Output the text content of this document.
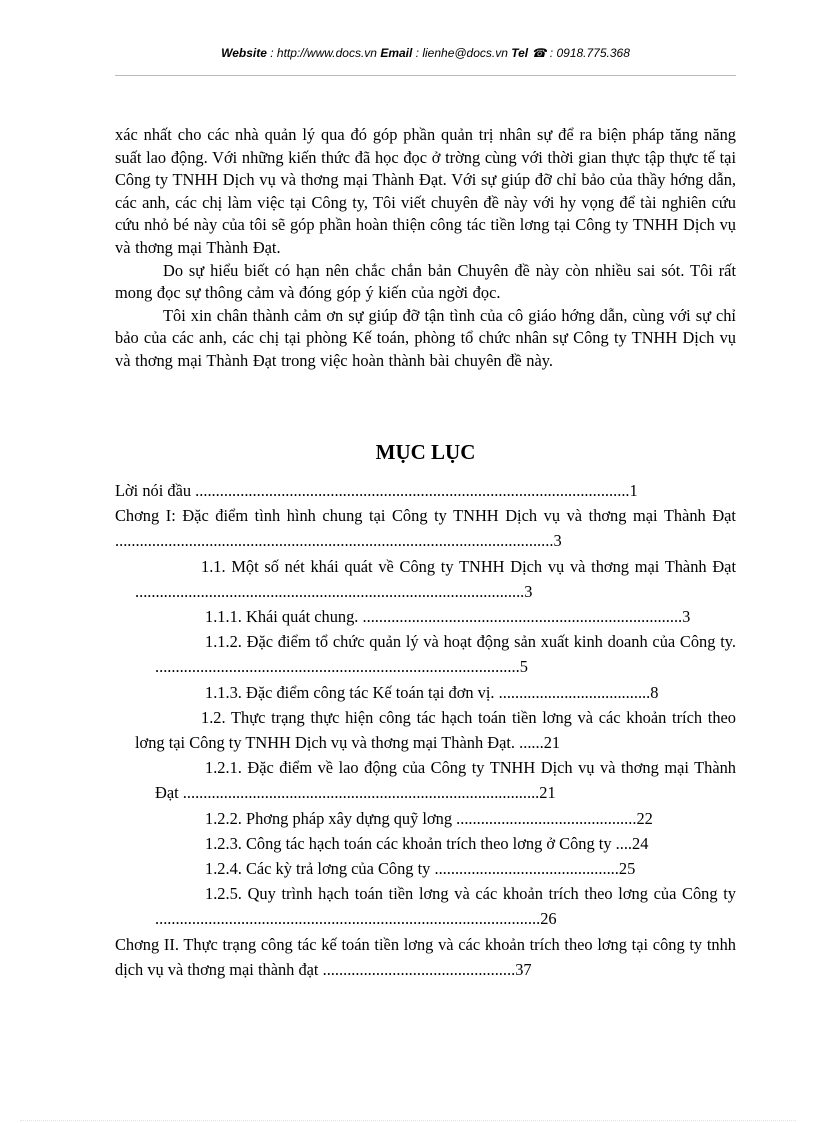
Website : http://www.docs.vn Email : lienhe@docs.vn Tel ☎ : 0918.775.368

xác nhất cho các nhà quản lý qua đó góp phần quản trị nhân sự để ra biện pháp tăng năng suất lao động. Với những kiến thức đã học đọc ở trờng cùng với thời gian thực tập thực tế tại Công ty TNHH Dịch vụ và thơng mại Thành Đạt. Với sự giúp đỡ chỉ bảo của thầy hớng dẫn, các anh, các chị làm việc tại Công ty, Tôi viết chuyên đề này với hy vọng để tài nghiên cứu cứu nhỏ bé này của tôi sẽ góp phần hoàn thiện công tác tiền lơng tại Công ty TNHH Dịch vụ và thơng mại Thành Đạt.

Do sự hiểu biết có hạn nên chắc chắn bản Chuyên đề này còn nhiều sai sót. Tôi rất mong đọc sự thông cảm và đóng góp ý kiến của ngời đọc.

Tôi xin chân thành cảm ơn sự giúp đỡ tận tình của cô giáo hớng dẫn, cùng với sự chỉ bảo của các anh, các chị tại phòng Kế toán, phòng tổ chức nhân sự Công ty TNHH Dịch vụ và thơng mại Thành Đạt trong việc hoàn thành bài chuyên đề này.

MỤC LỤC
Lời nói đầu ..........................................................................................................1
Chơng I: Đặc điểm tình hình chung tại Công ty TNHH Dịch vụ và thơng mại Thành Đạt ...........................................................................................................3
1.1. Một số nét khái quát về Công ty TNHH Dịch vụ và thơng mại Thành Đạt ...............................................................................................3
1.1.1. Khái quát chung. ..............................................................................3
1.1.2. Đặc điểm tổ chức quản lý và hoạt động sản xuất kinh doanh của Công ty. .........................................................................................5
1.1.3. Đặc điểm công tác Kế toán tại đơn vị. .....................................8
1.2. Thực trạng thực hiện công tác hạch toán tiền lơng và các khoản trích theo lơng tại Công ty TNHH Dịch vụ và thơng mại Thành Đạt. ......21
1.2.1. Đặc điểm về lao động của Công ty TNHH Dịch vụ và thơng mại Thành Đạt .......................................................................................21
1.2.2. Phơng pháp xây dựng quỹ lơng ............................................22
1.2.3. Công tác hạch toán các khoản trích theo lơng ở Công ty ....24
1.2.4. Các kỳ trả lơng của Công ty .............................................25
1.2.5. Quy trình hạch toán tiền lơng và các khoản trích theo lơng của Công ty ..............................................................................................26
Chơng II. Thực trạng công tác kế toán tiền lơng và các khoản trích theo lơng tại công ty tnhh dịch vụ và thơng mại thành đạt ...............................................37
